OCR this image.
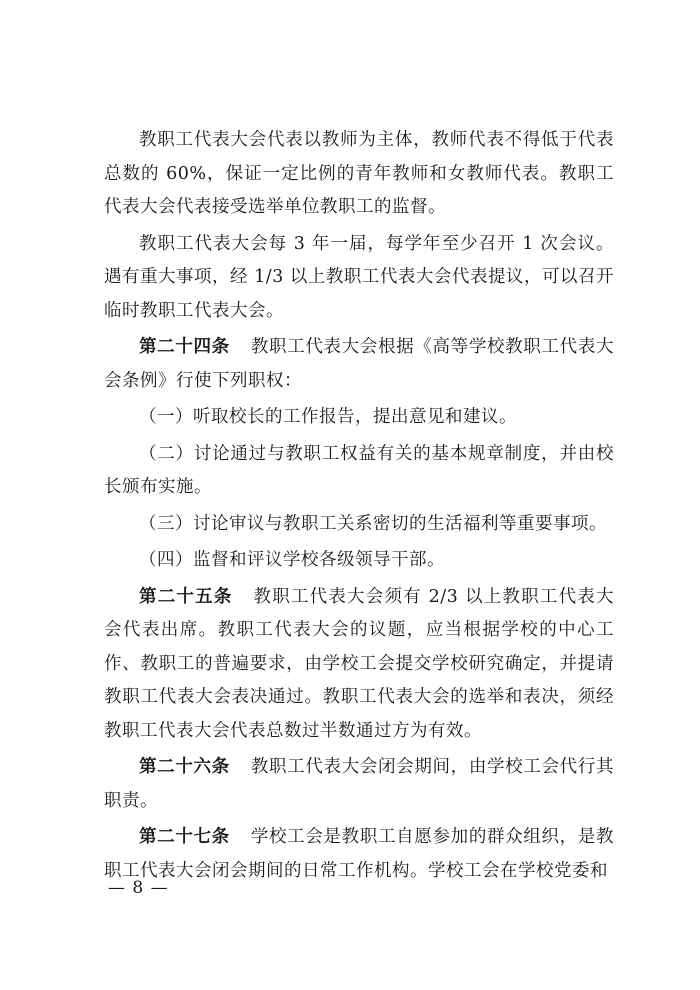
教职工代表大会代表以教师为主体，教师代表不得低于代表总数的 60%，保证一定比例的青年教师和女教师代表。教职工代表大会代表接受选举单位教职工的监督。

教职工代表大会每 3 年一届，每学年至少召开 1 次会议。遇有重大事项，经 1/3 以上教职工代表大会代表提议，可以召开临时教职工代表大会。

第二十四条 教职工代表大会根据《高等学校教职工代表大会条例》行使下列职权：

（一）听取校长的工作报告，提出意见和建议。

（二）讨论通过与教职工权益有关的基本规章制度，并由校长颁布实施。

（三）讨论审议与教职工关系密切的生活福利等重要事项。

（四）监督和评议学校各级领导干部。

第二十五条 教职工代表大会须有 2/3 以上教职工代表大会代表出席。教职工代表大会的议题，应当根据学校的中心工作、教职工的普遍要求，由学校工会提交学校研究确定，并提请教职工代表大会表决通过。教职工代表大会的选举和表决，须经教职工代表大会代表总数过半数通过方为有效。

第二十六条 教职工代表大会闭会期间，由学校工会代行其职责。

第二十七条 学校工会是教职工自愿参加的群众组织，是教职工代表大会闭会期间的日常工作机构。学校工会在学校党委和

— 8 —
